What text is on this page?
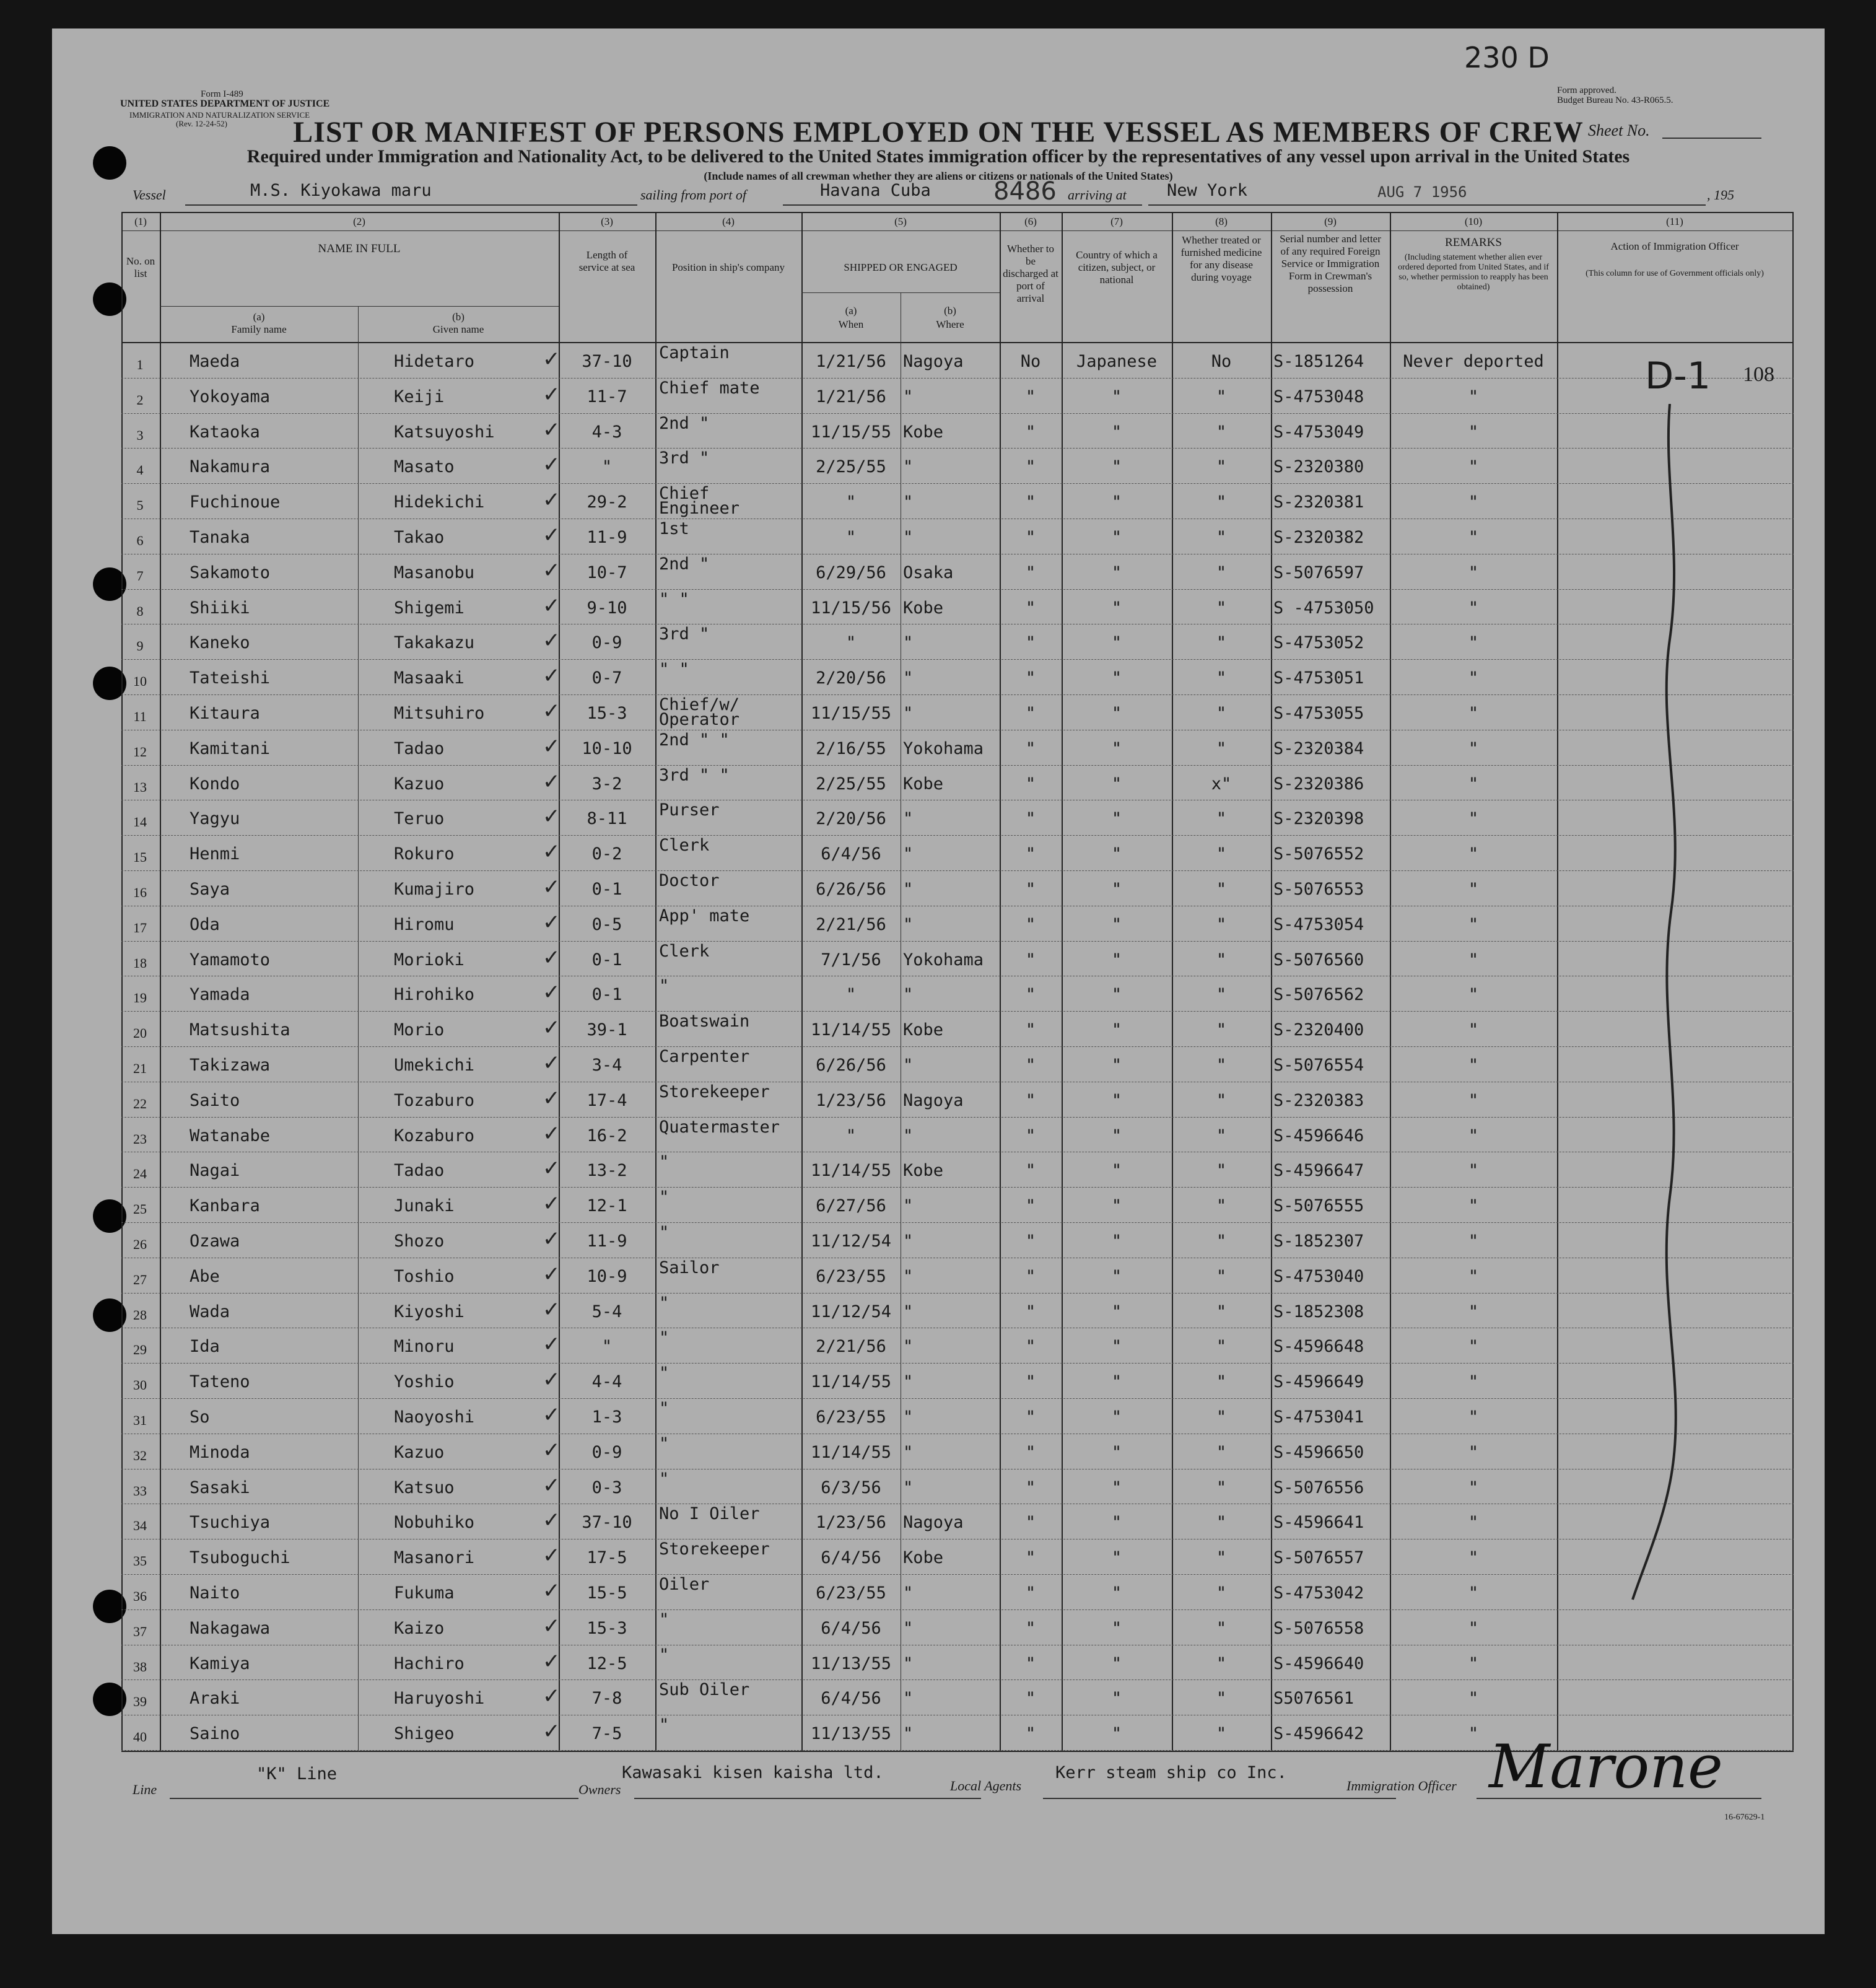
Form I-489
UNITED STATES DEPARTMENT OF JUSTICE
IMMIGRATION AND NATURALIZATION SERVICE
(Rev. 12-24-52)
230 D
Form approved.
Budget Bureau No. 43-R065.5.
Sheet No.
LIST OR MANIFEST OF PERSONS EMPLOYED ON THE VESSEL AS MEMBERS OF CREW
Required under Immigration and Nationality Act, to be delivered to the United States immigration officer by the representatives of any vessel upon arrival in the United States
(Include names of all crewman whether they are aliens or citizens or nationals of the United States)
Vessel	M.S. Kiyokawa maru	sailing from port of	Havana Cuba	8486 arriving at New York	AUG 7 1956	, 195
(1)	(2)	(3)	(4)	(5)	(6)	(7)	(8)	(9)	(10)	(11)
No. on list
NAME IN FULL
(a)
Family name
(b)
Given name
Length of service at sea	Position in ship's company	SHIPPED OR ENGAGED
(a)
When
(b)
Where
Whether to be discharged at port of arrival
Country of which a citizen, subject, or national
Whether treated or furnished medicine for any disease during voyage
Serial number and letter of any required Foreign Service or Immigration Form in Crewman's possession
REMARKS
(Including statement whether alien ever ordered deported from United States, and if so, whether permission to reapply has been obtained)
Action of Immigration Officer
(This column for use of Government officials only)
1	Maeda	Hidetaro	37-10	Captain	1/21/56	Nagoya	No	Japanese	No	S-1851264	Never deported
✓
2	Yokoyama	Keiji	11-7	Chief mate	1/21/56	"	"	"	"	S-4753048	"
✓
3	Kataoka	Katsuyoshi	4-3	2nd "	11/15/55 Kobe	"	"	"	S-4753049	"
✓
4	Nakamura	Masato	"	3rd "	2/25/55	"	"	"	"	S-2320380	"
✓
5	Fuchinoue	Hidekichi	29-2	Chief Engineer	"	"	"	"	"	S-2320381	"
✓
6	Tanaka	Takao	11-9	1st	"	"	"	"	"	S-2320382	"
✓
7	Sakamoto	Masanobu	10-7	2nd "	6/29/56	Osaka	"	"	"	S-5076597	"
✓
8	Shiiki	Shigemi	9-10	" "	11/15/56 Kobe	"	"	"	S -4753050	"
✓
9	Kaneko	Takakazu	0-9	3rd "	"	"	"	"	"	S-4753052	"
✓
10	Tateishi	Masaaki	0-7	" "	2/20/56	"	"	"	"	S-4753051	"
✓
11	Kitaura	Mitsuhiro	15-3	Chief/w/ Operator	11/15/55 "	"	"	"	S-4753055	"
✓
12	Kamitani	Tadao	10-10	2nd " "	2/16/55	Yokohama	"	"	"	S-2320384	"
✓
13	Kondo	Kazuo	3-2	3rd " "	2/25/55	Kobe	"	"	x"	S-2320386	"
✓
14	Yagyu	Teruo	8-11	Purser	2/20/56	"	"	"	"	S-2320398	"
✓
15	Henmi	Rokuro	0-2	Clerk	6/4/56	"	"	"	"	S-5076552	"
✓
16	Saya	Kumajiro	0-1	Doctor	6/26/56	"	"	"	"	S-5076553	"
✓
17	Oda	Hiromu	0-5	App' mate	2/21/56	"	"	"	"	S-4753054	"
✓
18	Yamamoto	Morioki	0-1	Clerk	7/1/56	Yokohama	"	"	"	S-5076560	"
✓
19	Yamada	Hirohiko	0-1	"	"	"	"	"	"	S-5076562	"
✓
20	Matsushita	Morio	39-1	Boatswain	11/14/55 Kobe	"	"	"	S-2320400	"
✓
21	Takizawa	Umekichi	3-4	Carpenter	6/26/56	"	"	"	"	S-5076554	"
✓
22	Saito	Tozaburo	17-4	Storekeeper	1/23/56	Nagoya	"	"	"	S-2320383	"
✓
23	Watanabe	Kozaburo	16-2	Quatermaster	"	"	"	"	"	S-4596646	"
✓
24	Nagai	Tadao	13-2	"	11/14/55 Kobe	"	"	"	S-4596647	"
✓
25	Kanbara	Junaki	12-1	"	6/27/56	"	"	"	"	S-5076555	"
✓
26	Ozawa	Shozo	11-9	"	11/12/54 "	"	"	"	S-1852307	"
✓
27	Abe	Toshio	10-9	Sailor	6/23/55	"	"	"	"	S-4753040	"
✓
28	Wada	Kiyoshi	5-4	"	11/12/54 "	"	"	"	S-1852308	"
✓
29	Ida	Minoru	"	"	2/21/56	"	"	"	"	S-4596648	"
✓
30	Tateno	Yoshio	4-4	"	11/14/55 "	"	"	"	S-4596649	"
✓
31	So	Naoyoshi	1-3	"	6/23/55	"	"	"	"	S-4753041	"
✓
32	Minoda	Kazuo	0-9	"	11/14/55 "	"	"	"	S-4596650	"
✓
33	Sasaki	Katsuo	0-3	"	6/3/56	"	"	"	"	S-5076556	"
✓
34	Tsuchiya	Nobuhiko	37-10	No I Oiler	1/23/56	Nagoya	"	"	"	S-4596641	"
✓
35	Tsuboguchi	Masanori	17-5	Storekeeper	6/4/56	Kobe	"	"	"	S-5076557	"
✓
36	Naito	Fukuma	15-5	Oiler	6/23/55	"	"	"	"	S-4753042	"
✓
37	Nakagawa	Kaizo	15-3	"	6/4/56	"	"	"	"	S-5076558	"
✓
38	Kamiya	Hachiro	12-5	"	11/13/55 "	"	"	"	S-4596640	"
✓
39	Araki	Haruyoshi	7-8	Sub Oiler	6/4/56	"	"	"	"	S5076561	"
✓
40	Saino	Shigeo	7-5	"	11/13/55 "	"	"	"	S-4596642	"
✓
D-1 108
Line
"K" Line
Owners
Kawasaki kisen kaisha ltd.
Local Agents
Kerr steam ship co Inc.
Immigration Officer Marone
16-67629-1
